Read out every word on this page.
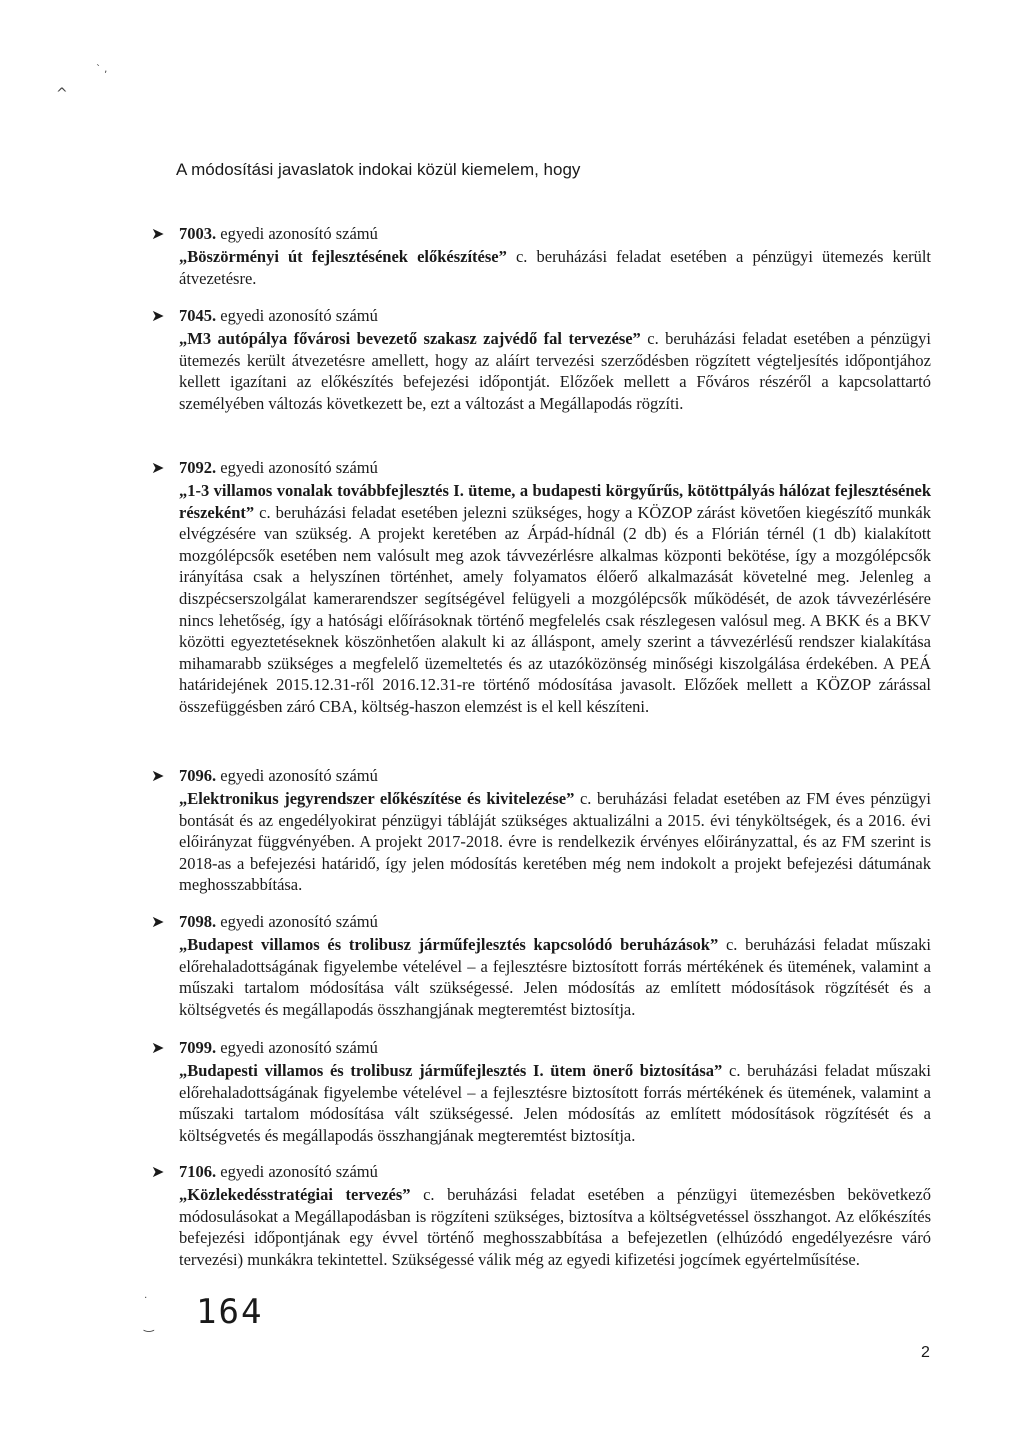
^
` ,
A módosítási javaslatok indokai közül kiemelem, hogy
➤ 7003. egyedi azonosító számú
„Böszörményi út fejlesztésének előkészítése” c. beruházási feladat esetében a pénzügyi ütemezés került átvezetésre.
➤ 7045. egyedi azonosító számú
„M3 autópálya fővárosi bevezető szakasz zajvédő fal tervezése” c. beruházási feladat esetében a pénzügyi ütemezés került átvezetésre amellett, hogy az aláírt tervezési szerződésben rögzített végteljesítés időpontjához kellett igazítani az előkészítés befejezési időpontját. Előzőek mellett a Főváros részéről a kapcsolattartó személyében változás következett be, ezt a változást a Megállapodás rögzíti.
➤ 7092. egyedi azonosító számú
„1-3 villamos vonalak továbbfejlesztés I. üteme, a budapesti körgyűrűs, kötöttpályás hálózat fejlesztésének részeként” c. beruházási feladat esetében jelezni szükséges, hogy a KÖZOP zárást követően kiegészítő munkák elvégzésére van szükség. A projekt keretében az Árpád-hídnál (2 db) és a Flórián térnél (1 db) kialakított mozgólépcsők esetében nem valósult meg azok távvezérlésre alkalmas központi bekötése, így a mozgólépcsők irányítása csak a helyszínen történhet, amely folyamatos élőerő alkalmazását követelné meg. Jelenleg a diszpécserszolgálat kamerarendszer segítségével felügyeli a mozgólépcsők működését, de azok távvezérlésére nincs lehetőség, így a hatósági előírásoknak történő megfelelés csak részlegesen valósul meg. A BKK és a BKV közötti egyeztetéseknek köszönhetően alakult ki az álláspont, amely szerint a távvezérlésű rendszer kialakítása mihamarabb szükséges a megfelelő üzemeltetés és az utazóközönség minőségi kiszolgálása érdekében. A PEÁ határidejének 2015.12.31-ről 2016.12.31-re történő módosítása javasolt. Előzőek mellett a KÖZOP zárással összefüggésben záró CBA, költség-haszon elemzést is el kell készíteni.
➤ 7096. egyedi azonosító számú
„Elektronikus jegyrendszer előkészítése és kivitelezése” c. beruházási feladat esetében az FM éves pénzügyi bontását és az engedélyokirat pénzügyi tábláját szükséges aktualizálni a 2015. évi tényköltségek, és a 2016. évi előirányzat függvényében. A projekt 2017-2018. évre is rendelkezik érvényes előirányzattal, és az FM szerint is 2018-as a befejezési határidő, így jelen módosítás keretében még nem indokolt a projekt befejezési dátumának meghosszabbítása.
➤ 7098. egyedi azonosító számú
„Budapest villamos és trolibusz járműfejlesztés kapcsolódó beruházások” c. beruházási feladat műszaki előrehaladottságának figyelembe vételével – a fejlesztésre biztosított forrás mértékének és ütemének, valamint a műszaki tartalom módosítása vált szükségessé. Jelen módosítás az említett módosítások rögzítését és a költségvetés és megállapodás összhangjának megteremtést biztosítja.
➤ 7099. egyedi azonosító számú
„Budapesti villamos és trolibusz járműfejlesztés I. ütem önerő biztosítása” c. beruházási feladat műszaki előrehaladottságának figyelembe vételével – a fejlesztésre biztosított forrás mértékének és ütemének, valamint a műszaki tartalom módosítása vált szükségessé. Jelen módosítás az említett módosítások rögzítését és a költségvetés és megállapodás összhangjának megteremtést biztosítja.
➤ 7106. egyedi azonosító számú
„Közlekedésstratégiai tervezés” c. beruházási feladat esetében a pénzügyi ütemezésben bekövetkező módosulásokat a Megállapodásban is rögzíteni szükséges, biztosítva a költségvetéssel összhangot. Az előkészítés befejezési időpontjának egy évvel történő meghosszabbítása a befejezetlen (elhúzódó engedélyezésre váró tervezési) munkákra tekintettel. Szükségessé válik még az egyedi kifizetési jogcímek egyértelműsítése.
․
‿ 164
2
